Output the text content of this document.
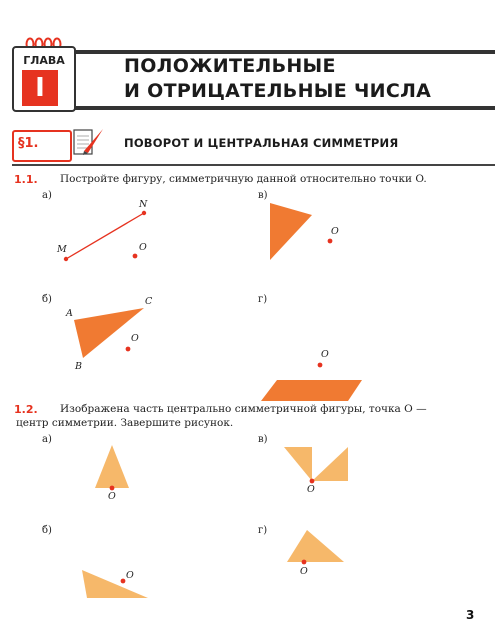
ГЛАВА
I
ПОЛОЖИТЕЛЬНЫЕ
И ОТРИЦАТЕЛЬНЫЕ ЧИСЛА
§1.	ПОВОРОТ И ЦЕНТРАЛЬНАЯ СИММЕТРИЯ
1.1. Постройте фигуру, симметричную данной относительно точки O.
а)	в)
б)	г)
M
N
O
A
B
C
O
O
O
1.2. Изображена часть центрально симметричной фигуры, точка O —
центр симметрии. Завершите рисунок.
а)	в)
б)	г)
O
O
O
O
3
